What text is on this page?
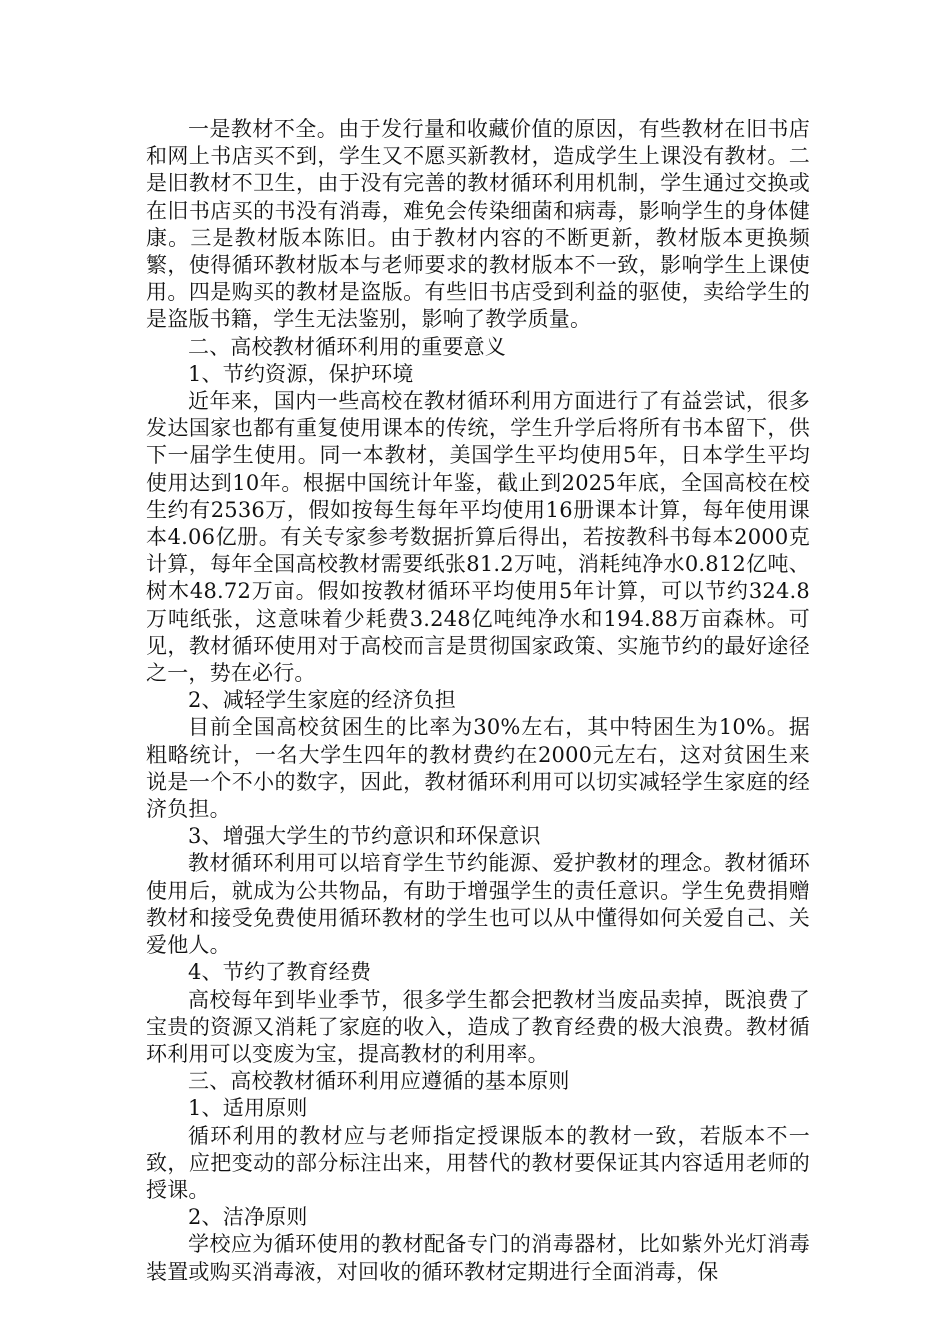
一是教材不全。由于发行量和收藏价值的原因，有些教材在旧书店和网上书店买不到，学生又不愿买新教材，造成学生上课没有教材。二是旧教材不卫生，由于没有完善的教材循环利用机制，学生通过交换或在旧书店买的书没有消毒，难免会传染细菌和病毒，影响学生的身体健康。三是教材版本陈旧。由于教材内容的不断更新，教材版本更换频繁，使得循环教材版本与老师要求的教材版本不一致，影响学生上课使用。四是购买的教材是盗版。有些旧书店受到利益的驱使，卖给学生的是盗版书籍，学生无法鉴别，影响了教学质量。

二、高校教材循环利用的重要意义

1、节约资源，保护环境

近年来，国内一些高校在教材循环利用方面进行了有益尝试，很多发达国家也都有重复使用课本的传统，学生升学后将所有书本留下，供下一届学生使用。同一本教材，美国学生平均使用5年，日本学生平均使用达到10年。根据中国统计年鉴，截止到2025年底，全国高校在校生约有2536万，假如按每生每年平均使用16册课本计算，每年使用课本4.06亿册。有关专家参考数据折算后得出，若按教科书每本2000克计算，每年全国高校教材需要纸张81.2万吨，消耗纯净水0.812亿吨、树木48.72万亩。假如按教材循环平均使用5年计算，可以节约324.8万吨纸张，这意味着少耗费3.248亿吨纯净水和194.88万亩森林。可见，教材循环使用对于高校而言是贯彻国家政策、实施节约的最好途径之一，势在必行。

2、减轻学生家庭的经济负担

目前全国高校贫困生的比率为30%左右，其中特困生为10%。据粗略统计，一名大学生四年的教材费约在2000元左右，这对贫困生来说是一个不小的数字，因此，教材循环利用可以切实减轻学生家庭的经济负担。

3、增强大学生的节约意识和环保意识

教材循环利用可以培育学生节约能源、爱护教材的理念。教材循环使用后，就成为公共物品，有助于增强学生的责任意识。学生免费捐赠教材和接受免费使用循环教材的学生也可以从中懂得如何关爱自己、关爱他人。

4、节约了教育经费

高校每年到毕业季节，很多学生都会把教材当废品卖掉，既浪费了宝贵的资源又消耗了家庭的收入，造成了教育经费的极大浪费。教材循环利用可以变废为宝，提高教材的利用率。

三、高校教材循环利用应遵循的基本原则

1、适用原则

循环利用的教材应与老师指定授课版本的教材一致，若版本不一致，应把变动的部分标注出来，用替代的教材要保证其内容适用老师的授课。

2、洁净原则

学校应为循环使用的教材配备专门的消毒器材，比如紫外光灯消毒装置或购买消毒液，对回收的循环教材定期进行全面消毒，保
